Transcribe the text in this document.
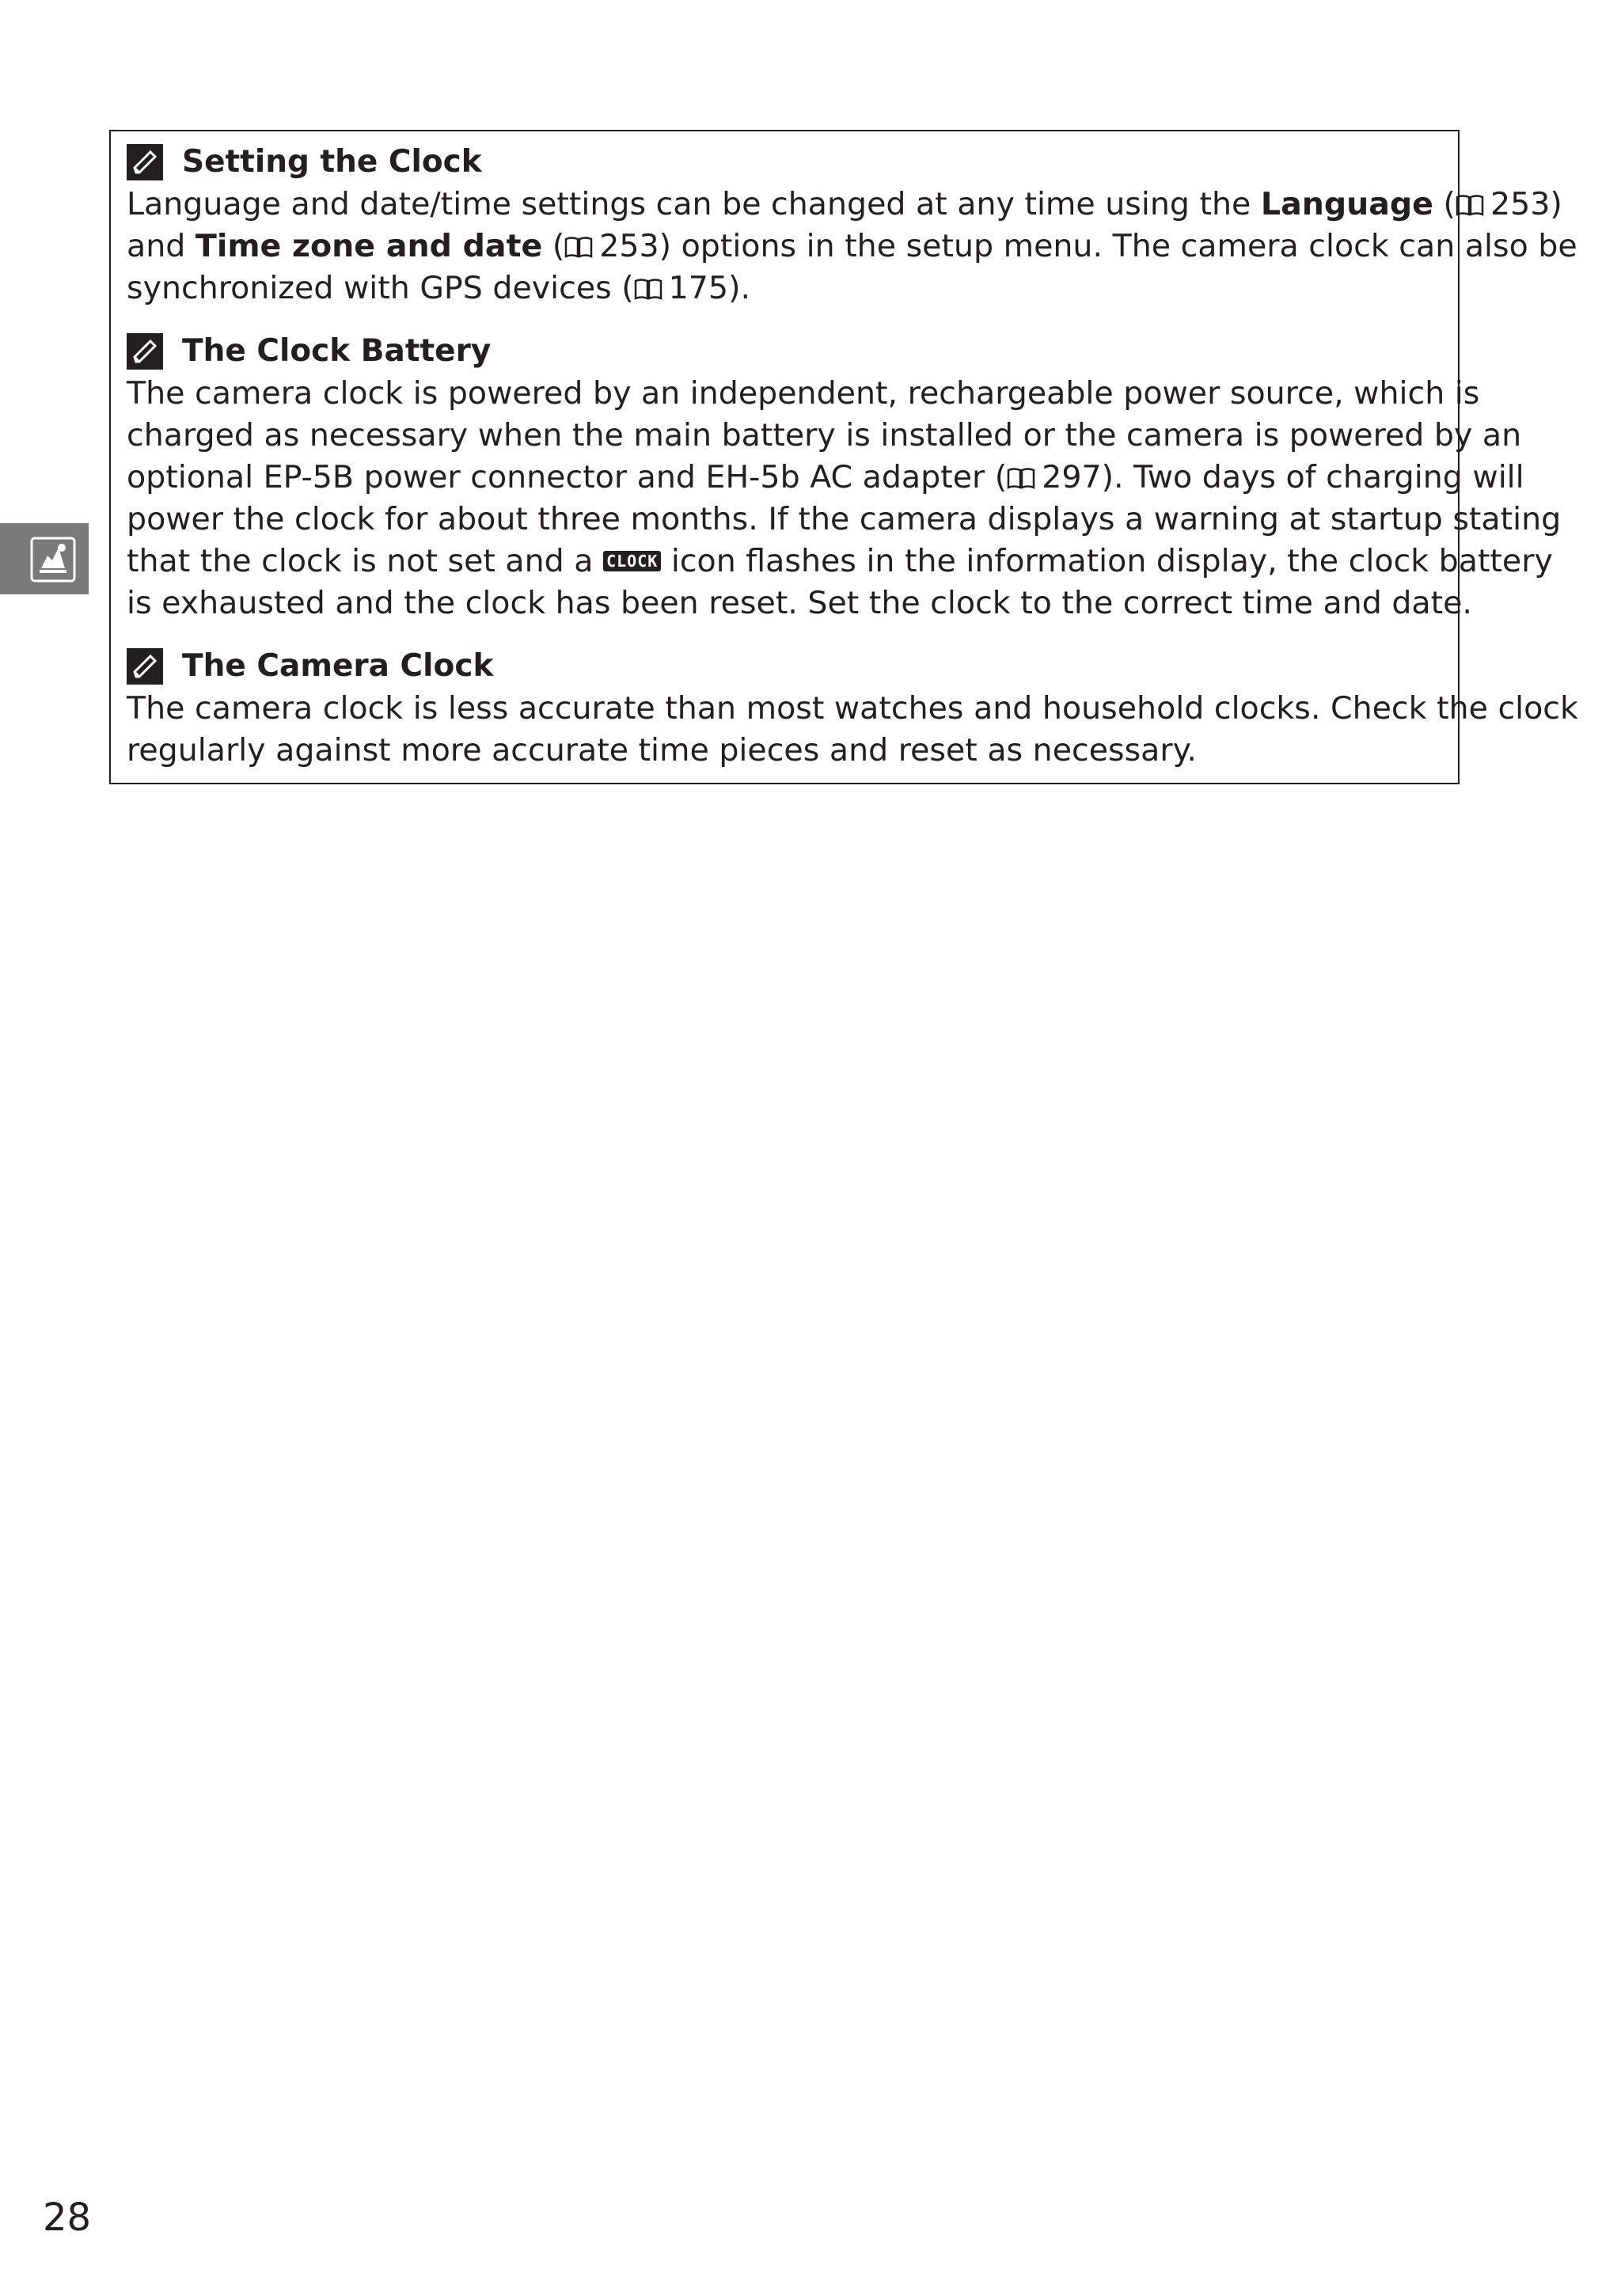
Setting the Clock
Language and date/time settings can be changed at any time using the Language ( 253)
and Time zone and date ( 253) options in the setup menu. The camera clock can also be
synchronized with GPS devices ( 175).
The Clock Battery
The camera clock is powered by an independent, rechargeable power source, which is
charged as necessary when the main battery is installed or the camera is powered by an
optional EP-5B power connector and EH-5b AC adapter ( 297). Two days of charging will
power the clock for about three months. If the camera displays a warning at startup stating
that the clock is not set and a CLOCK icon flashes in the information display, the clock battery
is exhausted and the clock has been reset. Set the clock to the correct time and date.
The Camera Clock
The camera clock is less accurate than most watches and household clocks. Check the clock
regularly against more accurate time pieces and reset as necessary.
28
